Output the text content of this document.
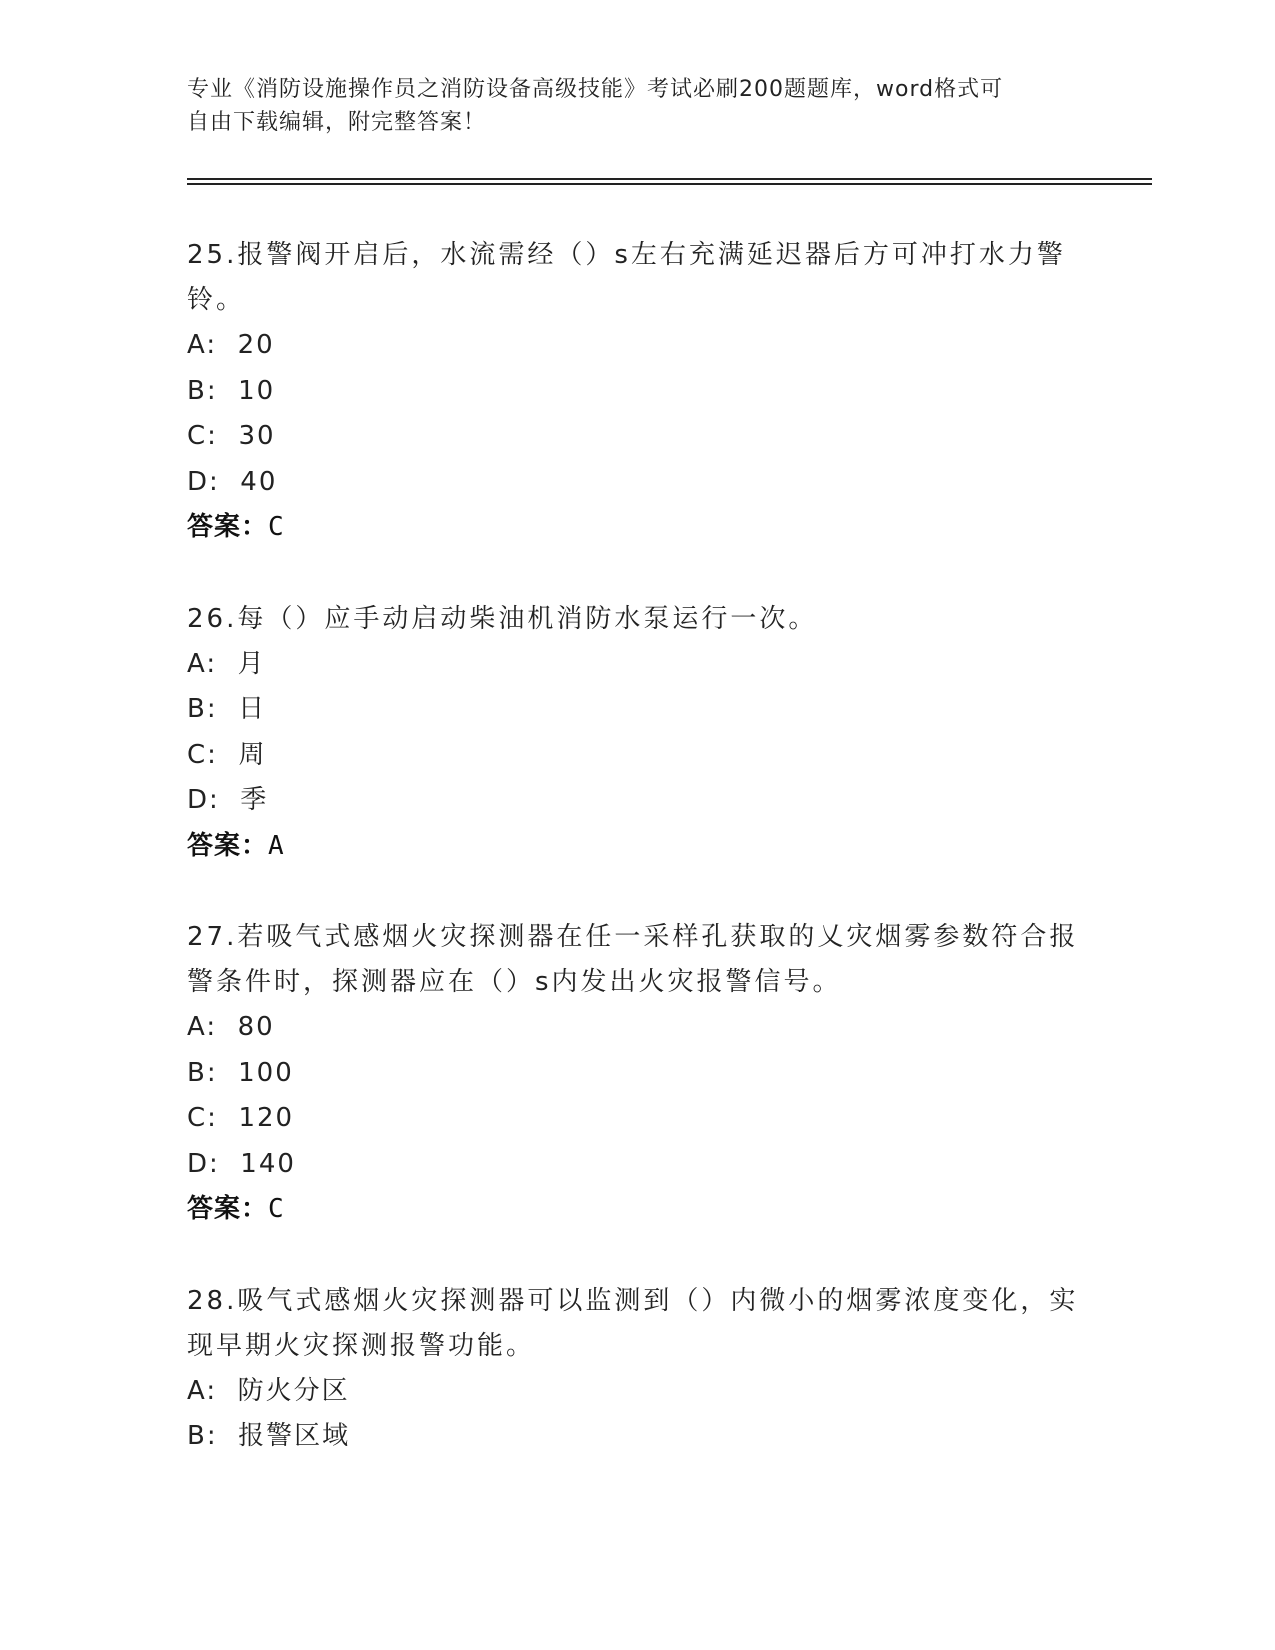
专业《消防设施操作员之消防设备高级技能》考试必刷200题题库，word格式可
自由下载编辑，附完整答案！
25.报警阀开启后，水流需经（）s左右充满延迟器后方可冲打水力警
铃。
A:  20
B:  10
C:  30
D:  40
答案：C
26.每（）应手动启动柴油机消防水泵运行一次。
A:  月
B:  日
C:  周
D:  季
答案：A
27.若吸气式感烟火灾探测器在任一采样孔获取的乂灾烟雾参数符合报
警条件时，探测器应在（）s内发出火灾报警信号。
A:  80
B:  100
C:  120
D:  140
答案：C
28.吸气式感烟火灾探测器可以监测到（）内微小的烟雾浓度变化，实
现早期火灾探测报警功能。
A:  防火分区
B:  报警区域
